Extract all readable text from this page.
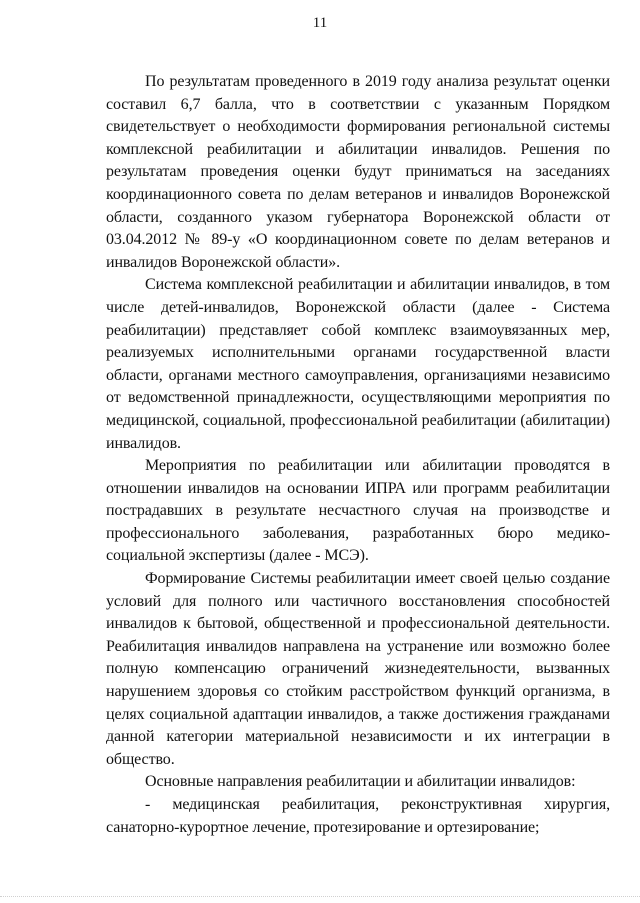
11

По результатам проведенного в 2019 году анализа результат оценки составил 6,7 балла, что в соответствии с указанным Порядком свидетельствует о необходимости формирования региональной системы комплексной реабилитации и абилитации инвалидов. Решения по результатам проведения оценки будут приниматься на заседаниях координационного совета по делам ветеранов и инвалидов Воронежской области, созданного указом губернатора Воронежской области от 03.04.2012 № 89-у «О координационном совете по делам ветеранов и инвалидов Воронежской области».

Система комплексной реабилитации и абилитации инвалидов, в том числе детей-инвалидов, Воронежской области (далее - Система реабилитации) представляет собой комплекс взаимоувязанных мер, реализуемых исполнительными органами государственной власти области, органами местного самоуправления, организациями независимо от ведомственной принадлежности, осуществляющими мероприятия по медицинской, социальной, профессиональной реабилитации (абилитации) инвалидов.

Мероприятия по реабилитации или абилитации проводятся в отношении инвалидов на основании ИПРА или программ реабилитации пострадавших в результате несчастного случая на производстве и профессионального заболевания, разработанных бюро медико-социальной экспертизы (далее - МСЭ).

Формирование Системы реабилитации имеет своей целью создание условий для полного или частичного восстановления способностей инвалидов к бытовой, общественной и профессиональной деятельности. Реабилитация инвалидов направлена на устранение или возможно более полную компенсацию ограничений жизнедеятельности, вызванных нарушением здоровья со стойким расстройством функций организма, в целях социальной адаптации инвалидов, а также достижения гражданами данной категории материальной независимости и их интеграции в общество.

Основные направления реабилитации и абилитации инвалидов:

- медицинская реабилитация, реконструктивная хирургия, санаторно-курортное лечение, протезирование и ортезирование;
